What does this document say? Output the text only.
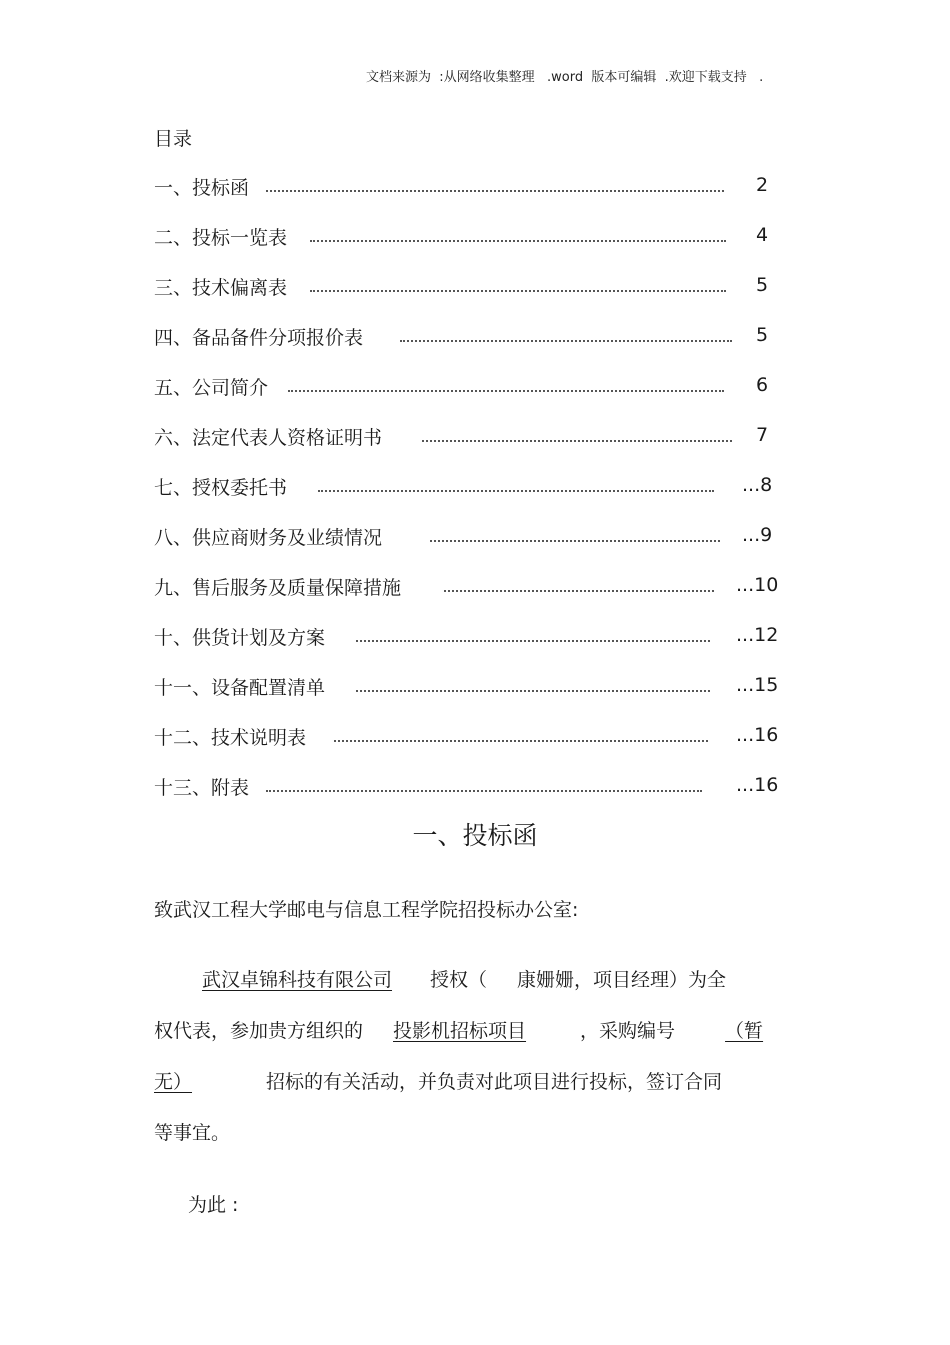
文档来源为  :从网络收集整理   .word  版本可编辑  .欢迎下载支持   .
目录
一、投标函	2
二、投标一览表	4
三、技术偏离表	5
四、备品备件分项报价表	5
五、公司简介	6
六、法定代表人资格证明书	7
七、授权委托书	...8
八、供应商财务及业绩情况	...9
九、售后服务及质量保障措施	...10
十、供货计划及方案	...12
十一、设备配置清单	...15
十二、技术说明表	...16
十三、附表	...16
一、投标函
致武汉工程大学邮电与信息工程学院招投标办公室:
武汉卓锦科技有限公司 授权（ 康姗姗，项目经理）为全
权代表，参加贵方组织的 投影机招标项目	，采购编号	（暂
无）	招标的有关活动，并负责对此项目进行投标，签订合同
等事宜。
为此 :
